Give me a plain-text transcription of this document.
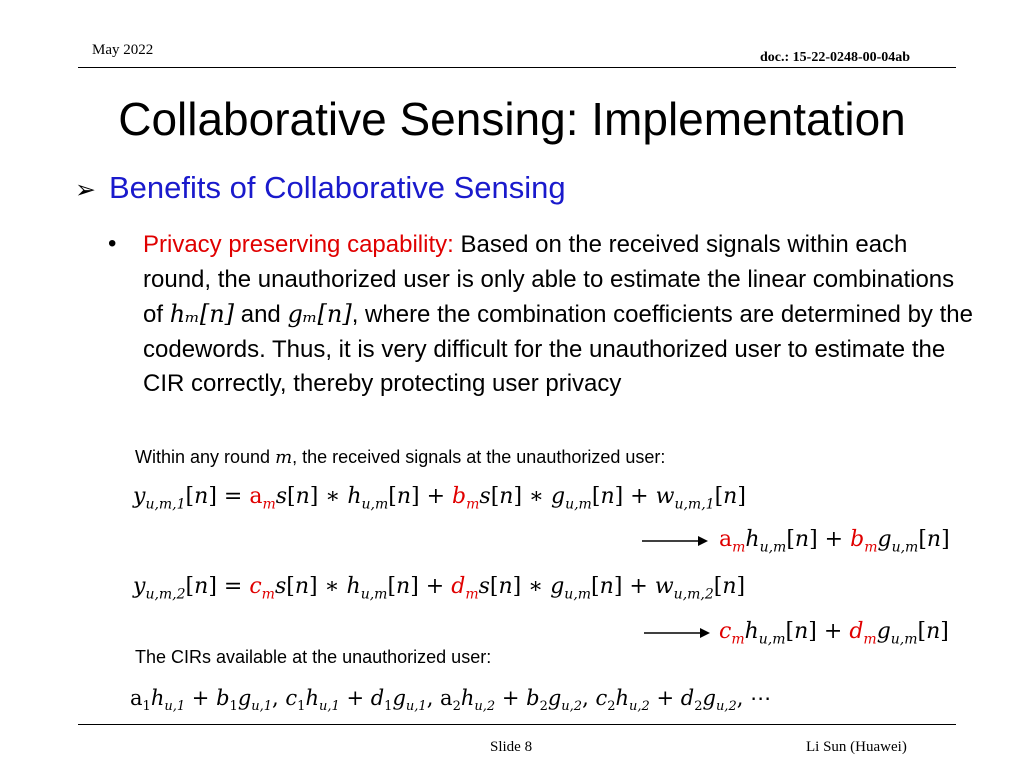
May 2022	doc.: 15-22-0248-00-04ab
Collaborative Sensing: Implementation
➢ Benefits of Collaborative Sensing
• Privacy preserving capability: Based on the received signals within each round, the unauthorized user is only able to estimate the linear combinations of hₘ[n] and gₘ[n], where the combination coefficients are determined by the codewords. Thus, it is very difficult for the unauthorized user to estimate the CIR correctly, thereby protecting user privacy
Within any round m, the received signals at the unauthorized user:
$y_{u,m,1}[n] = a_ms[n]$ ∗ $h_{u,m}[n] + b_ms[n]$ ∗ $g_{u,m}[n] + w_{u,m,1}[n]$
$a_mh_{u,m}[n] + b_mg_{u,m}[n]$
$y_{u,m,2}[n] = c_ms[n]$ ∗ $h_{u,m}[n] + d_ms[n]$ ∗ $g_{u,m}[n] + w_{u,m,2}[n]$
$c_mh_{u,m}[n] + d_mg_{u,m}[n]$
The CIRs available at the unauthorized user:
$a_1h_{u,1} + b_1g_{u,1}$, $c_1h_{u,1} + d_1g_{u,1}$, $a_2h_{u,2} + b_2g_{u,2}$, $c_2h_{u,2} + d_2g_{u,2}$, ⋯
Slide 8	Li Sun (Huawei)
